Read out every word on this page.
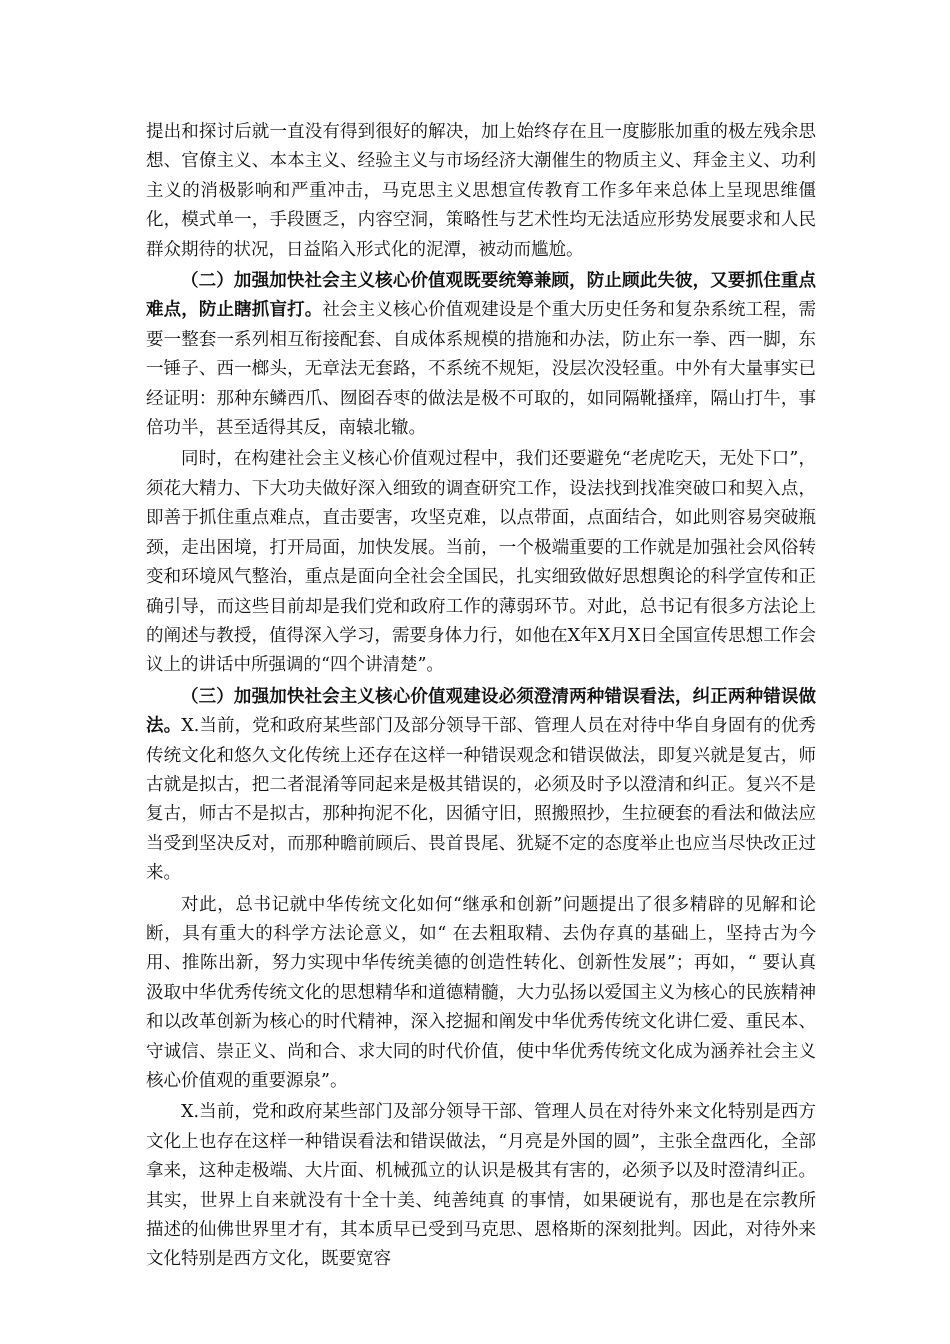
提出和探讨后就一直没有得到很好的解决，加上始终存在且一度膨胀加重的极左残余思想、官僚主义、本本主义、经验主义与市场经济大潮催生的物质主义、拜金主义、功利主义的消极影响和严重冲击，马克思主义思想宣传教育工作多年来总体上呈现思维僵化，模式单一，手段匮乏，内容空洞，策略性与艺术性均无法适应形势发展要求和人民群众期待的状况，日益陷入形式化的泥潭，被动而尴尬。

（二）加强加快社会主义核心价值观既要统筹兼顾，防止顾此失彼，又要抓住重点难点，防止瞎抓盲打。社会主义核心价值观建设是个重大历史任务和复杂系统工程，需要一整套一系列相互衔接配套、自成体系规模的措施和办法，防止东一拳、西一脚，东一锤子、西一榔头，无章法无套路，不系统不规矩，没层次没轻重。中外有大量事实已经证明：那种东鳞西爪、囫囵吞枣的做法是极不可取的，如同隔靴搔痒，隔山打牛，事倍功半，甚至适得其反，南辕北辙。

同时，在构建社会主义核心价值观过程中，我们还要避免“老虎吃天，无处下口”，须花大精力、下大功夫做好深入细致的调查研究工作，设法找到找准突破口和契入点，即善于抓住重点难点，直击要害，攻坚克难，以点带面，点面结合，如此则容易突破瓶颈，走出困境，打开局面，加快发展。当前，一个极端重要的工作就是加强社会风俗转变和环境风气整治，重点是面向全社会全国民，扎实细致做好思想舆论的科学宣传和正确引导，而这些目前却是我们党和政府工作的薄弱环节。对此，总书记有很多方法论上的阐述与教授，值得深入学习，需要身体力行，如他在X年X月X日全国宣传思想工作会议上的讲话中所强调的“四个讲清楚”。

（三）加强加快社会主义核心价值观建设必须澄清两种错误看法，纠正两种错误做法。X.当前，党和政府某些部门及部分领导干部、管理人员在对待中华自身固有的优秀传统文化和悠久文化传统上还存在这样一种错误观念和错误做法，即复兴就是复古，师古就是拟古，把二者混淆等同起来是极其错误的，必须及时予以澄清和纠正。复兴不是复古，师古不是拟古，那种拘泥不化，因循守旧，照搬照抄，生拉硬套的看法和做法应当受到坚决反对，而那种瞻前顾后、畏首畏尾、犹疑不定的态度举止也应当尽快改正过来。

对此，总书记就中华传统文化如何“继承和创新”问题提出了很多精辟的见解和论断，具有重大的科学方法论意义，如“ 在去粗取精、去伪存真的基础上，坚持古为今用、推陈出新，努力实现中华传统美德的创造性转化、创新性发展”；再如，“ 要认真汲取中华优秀传统文化的思想精华和道德精髓，大力弘扬以爱国主义为核心的民族精神和以改革创新为核心的时代精神，深入挖掘和阐发中华优秀传统文化讲仁爱、重民本、守诚信、崇正义、尚和合、求大同的时代价值，使中华优秀传统文化成为涵养社会主义核心价值观的重要源泉”。

X.当前，党和政府某些部门及部分领导干部、管理人员在对待外来文化特别是西方文化上也存在这样一种错误看法和错误做法，“月亮是外国的圆”，主张全盘西化，全部拿来，这种走极端、大片面、机械孤立的认识是极其有害的，必须予以及时澄清纠正。其实，世界上自来就没有十全十美、纯善纯真 的事情，如果硬说有，那也是在宗教所描述的仙佛世界里才有，其本质早已受到马克思、恩格斯的深刻批判。因此，对待外来文化特别是西方文化，既要宽容
